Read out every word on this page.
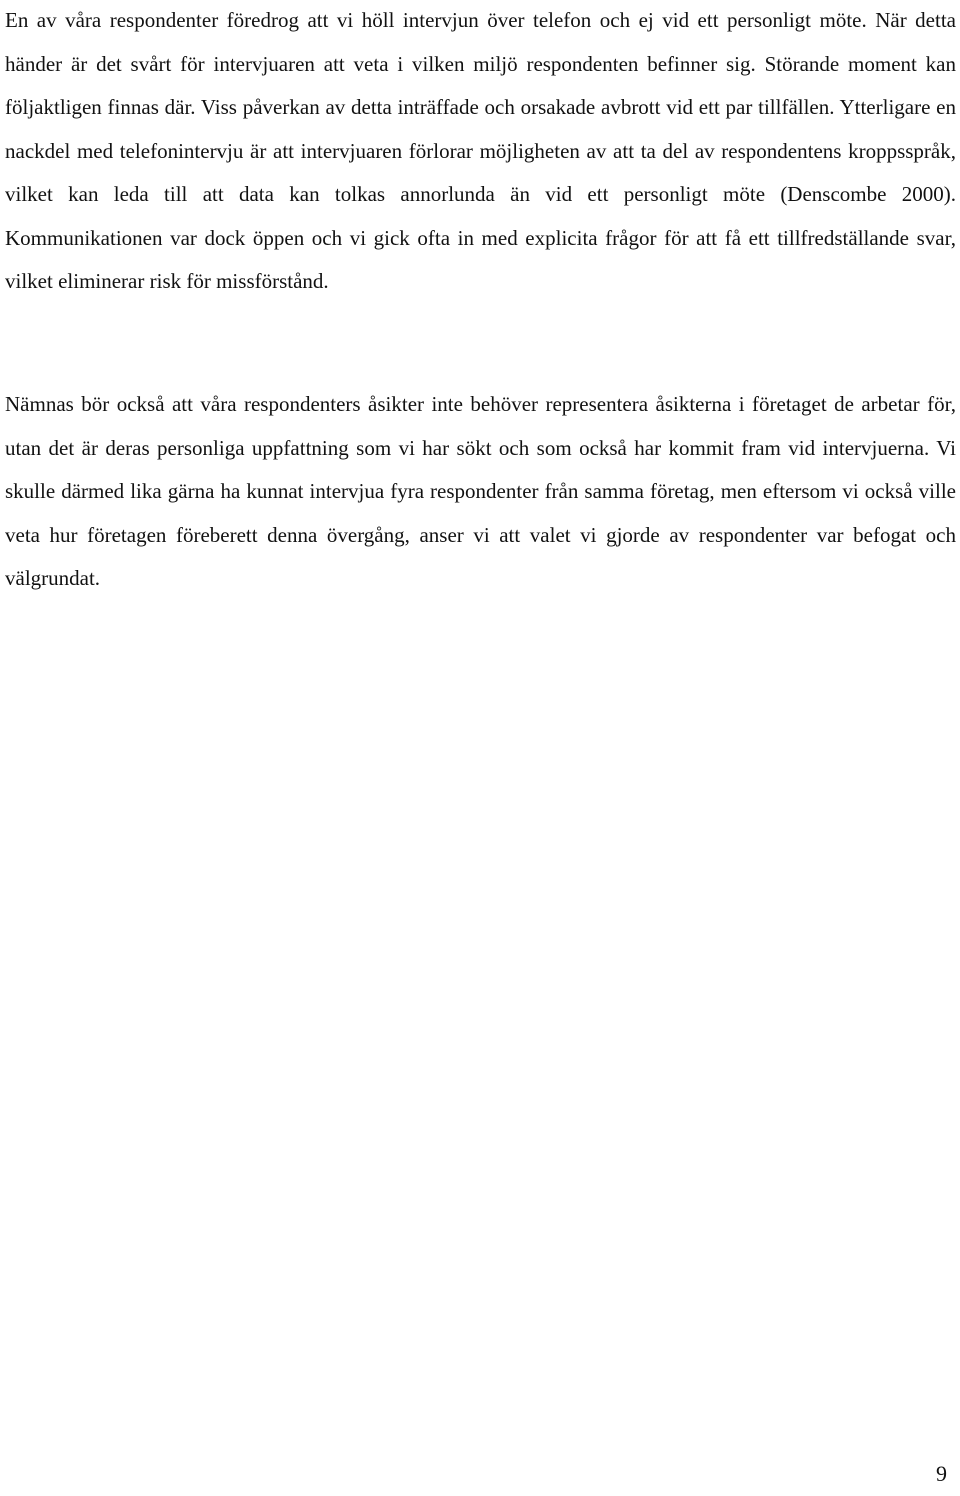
En av våra respondenter föredrog att vi höll intervjun över telefon och ej vid ett personligt möte. När detta händer är det svårt för intervjuaren att veta i vilken miljö respondenten befinner sig. Störande moment kan följaktligen finnas där. Viss påverkan av detta inträffade och orsakade avbrott vid ett par tillfällen. Ytterligare en nackdel med telefonintervju är att intervjuaren förlorar möjligheten av att ta del av respondentens kroppsspråk, vilket kan leda till att data kan tolkas annorlunda än vid ett personligt möte (Denscombe 2000). Kommunikationen var dock öppen och vi gick ofta in med explicita frågor för att få ett tillfredställande svar, vilket eliminerar risk för missförstånd.

Nämnas bör också att våra respondenters åsikter inte behöver representera åsikterna i företaget de arbetar för, utan det är deras personliga uppfattning som vi har sökt och som också har kommit fram vid intervjuerna. Vi skulle därmed lika gärna ha kunnat intervjua fyra respondenter från samma företag, men eftersom vi också ville veta hur företagen föreberett denna övergång, anser vi att valet vi gjorde av respondenter var befogat och välgrundat.

9
